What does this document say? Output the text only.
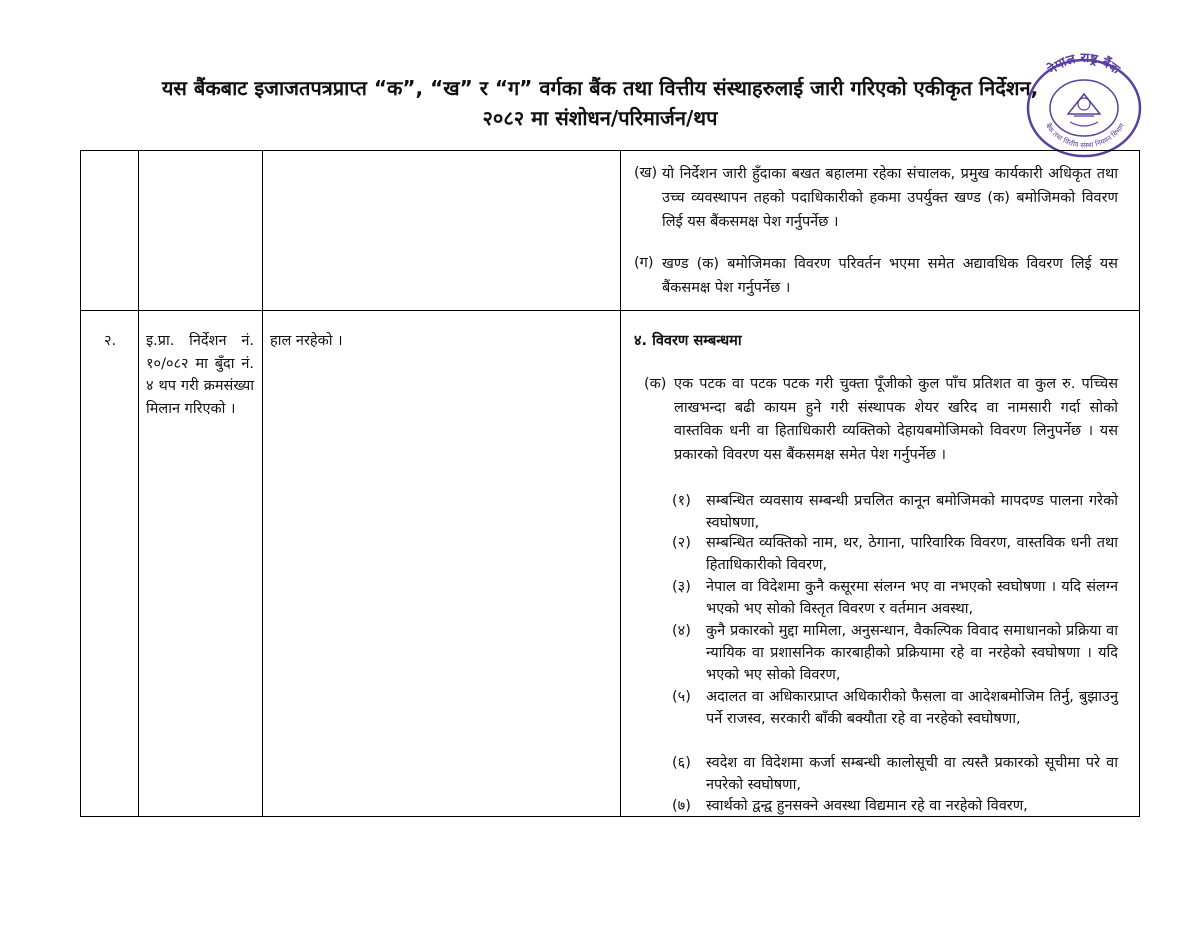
यस बैंकबाट इजाजतपत्रप्राप्त “क”, “ख” र “ग” वर्गका बैंक तथा वित्तीय संस्थाहरुलाई जारी गरिएको एकीकृत निर्देशन,
२०८२ मा संशोधन/परिमार्जन/थप
नेपाल राष्ट्र बैंक
बैंक तथा वित्तीय संस्था नियमन विभाग
(ख) यो निर्देशन जारी हुँदाका बखत बहालमा रहेका संचालक, प्रमुख कार्यकारी अधिकृत तथा उच्च व्यवस्थापन तहको पदाधिकारीको हकमा उपर्युक्त खण्ड (क) बमोजिमको विवरण लिई यस बैंकसमक्ष पेश गर्नुपर्नेछ ।
(ग) खण्ड (क) बमोजिमका विवरण परिवर्तन भएमा समेत अद्यावधिक विवरण लिई यस बैंकसमक्ष पेश गर्नुपर्नेछ ।
२. इ.प्रा. निर्देशन नं. १०/०८२ मा बुँदा नं. ४ थप गरी क्रमसंख्या मिलान गरिएको ।
हाल नरहेको ।	४. विवरण सम्बन्धमा
(क) एक पटक वा पटक पटक गरी चुक्ता पूँजीको कुल पाँच प्रतिशत वा कुल रु. पच्चिस लाखभन्दा बढी कायम हुने गरी संस्थापक शेयर खरिद वा नामसारी गर्दा सोको वास्तविक धनी वा हिताधिकारी व्यक्तिको देहायबमोजिमको विवरण लिनुपर्नेछ । यस प्रकारको विवरण यस बैंकसमक्ष समेत पेश गर्नुपर्नेछ ।
(१) सम्बन्धित व्यवसाय सम्बन्धी प्रचलित कानून बमोजिमको मापदण्ड पालना गरेको स्वघोषणा,
(२) सम्बन्धित व्यक्तिको नाम, थर, ठेगाना, पारिवारिक विवरण, वास्तविक धनी तथा हिताधिकारीको विवरण,
(३) नेपाल वा विदेशमा कुनै कसूरमा संलग्न भए वा नभएको स्वघोषणा । यदि संलग्न भएको भए सोको विस्तृत विवरण र वर्तमान अवस्था,
(४) कुनै प्रकारको मुद्दा मामिला, अनुसन्धान, वैकल्पिक विवाद समाधानको प्रक्रिया वा न्यायिक वा प्रशासनिक कारबाहीको प्रक्रियामा रहे वा नरहेको स्वघोषणा । यदि भएको भए सोको विवरण,
(५) अदालत वा अधिकारप्राप्त अधिकारीको फैसला वा आदेशबमोजिम तिर्नु, बुझाउनु पर्ने राजस्व, सरकारी बाँकी बक्यौता रहे वा नरहेको स्वघोषणा,
(६) स्वदेश वा विदेशमा कर्जा सम्बन्धी कालोसूची वा त्यस्तै प्रकारको सूचीमा परे वा नपरेको स्वघोषणा,
(७) स्वार्थको द्वन्द्व हुनसक्ने अवस्था विद्यमान रहे वा नरहेको विवरण,
